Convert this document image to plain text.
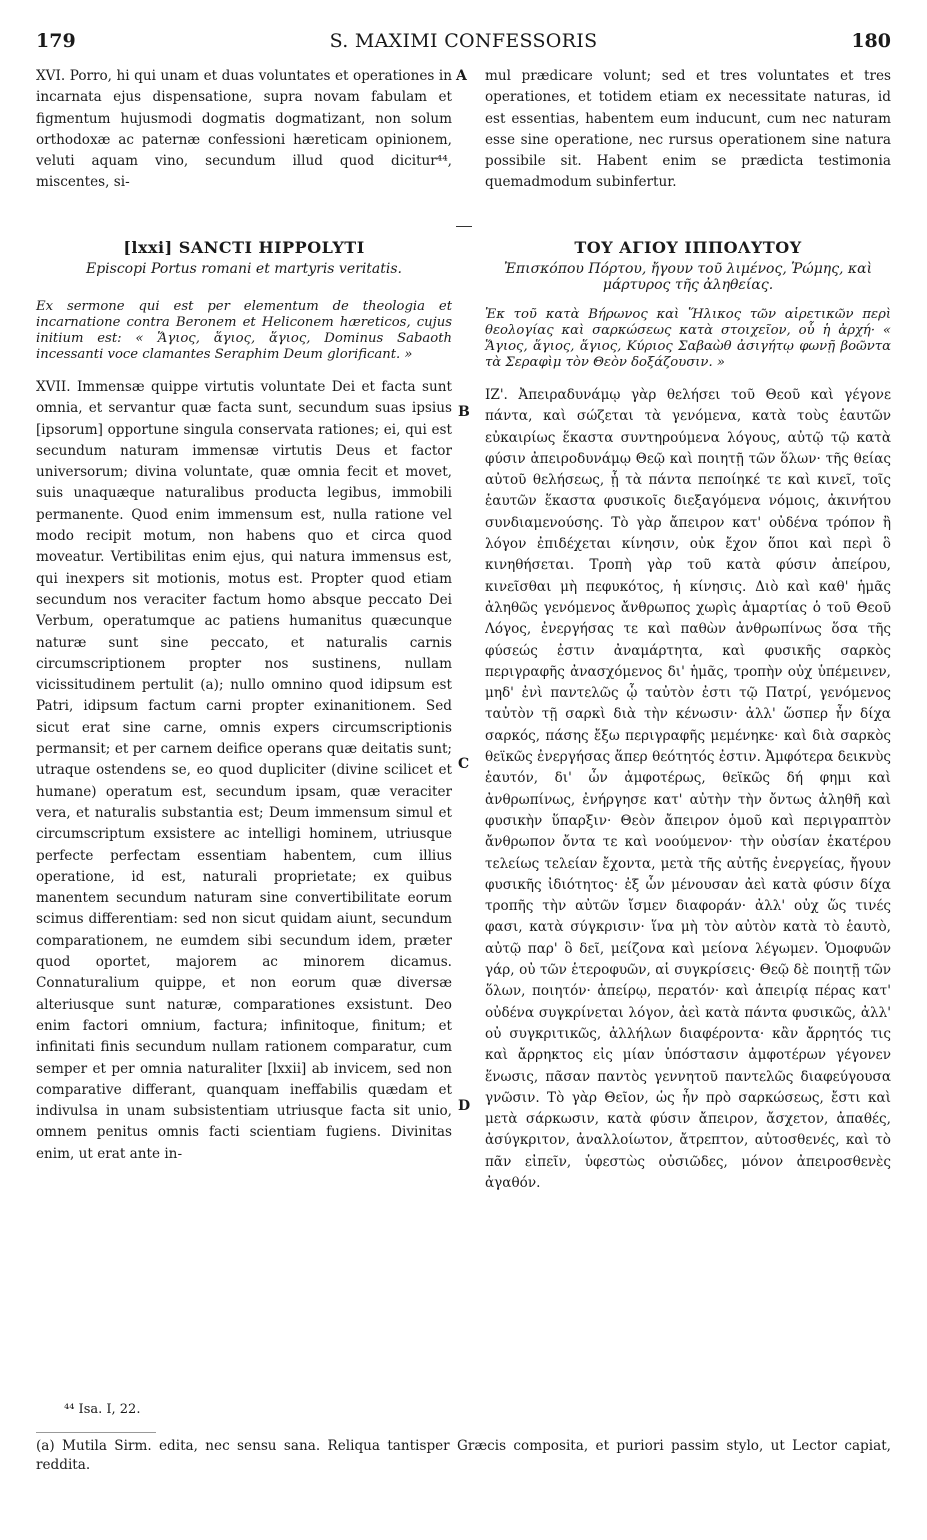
179	S. MAXIMI CONFESSORIS	180

XVI. Porro, hi qui unam et duas voluntates et operationes in incarnata ejus dispensatione, supra novam fabulam et figmentum hujusmodi dogmatis dogmatizant, non solum orthodoxæ ac paternæ confessioni hæreticam opinionem, veluti aquam vino, secundum illud quod dicitur⁴⁴, miscentes, si-

mul prædicare volunt; sed et tres voluntates et tres operationes, et totidem etiam ex necessitate naturas, id est essentias, habentem eum inducunt, cum nec naturam esse sine operatione, nec rursus operationem sine natura possibile sit. Habent enim se prædicta testimonia quemadmodum subinfertur.

A
B
C
D
[lxxi] SANCTI HIPPOLYTI

Episcopi Portus romani et martyris veritatis.

Ex sermone qui est per elementum de theologia et incarnatione contra Beronem et Heliconem hæreticos, cujus initium est: « Ἅγιος, ἅγιος, ἅγιος, Dominus Sabaoth incessanti voce clamantes Seraphim Deum glorificant. »

XVII. Immensæ quippe virtutis voluntate Dei et facta sunt omnia, et servantur quæ facta sunt, secundum suas ipsius [ipsorum] opportune singula conservata rationes; ei, qui est secundum naturam immensæ virtutis Deus et factor universorum; divina voluntate, quæ omnia fecit et movet, suis unaquæque naturalibus producta legibus, immobili permanente. Quod enim immensum est, nulla ratione vel modo recipit motum, non habens quo et circa quod moveatur. Vertibilitas enim ejus, qui natura immensus est, qui inexpers sit motionis, motus est. Propter quod etiam secundum nos veraciter factum homo absque peccato Dei Verbum, operatumque ac patiens humanitus quæcunque naturæ sunt sine peccato, et naturalis carnis circumscriptionem propter nos sustinens, nullam vicissitudinem pertulit (a); nullo omnino quod idipsum est Patri, idipsum factum carni propter exinanitionem. Sed sicut erat sine carne, omnis expers circumscriptionis permansit; et per carnem deifice operans quæ deitatis sunt; utraque ostendens se, eo quod dupliciter (divine scilicet et humane) operatum est, secundum ipsam, quæ veraciter vera, et naturalis substantia est; Deum immensum simul et circumscriptum exsistere ac intelligi hominem, utriusque perfecte perfectam essentiam habentem, cum illius operatione, id est, naturali proprietate; ex quibus manentem secundum naturam sine convertibilitate eorum scimus differentiam: sed non sicut quidam aiunt, secundum comparationem, ne eumdem sibi secundum idem, præter quod oportet, majorem ac minorem dicamus. Connaturalium quippe, et non eorum quæ diversæ alteriusque sunt naturæ, comparationes exsistunt. Deo enim factori omnium, factura; infinitoque, finitum; et infinitati finis secundum nullam rationem comparatur, cum semper et per omnia naturaliter [lxxii] ab invicem, sed non comparative differant, quanquam ineffabilis quædam et indivulsa in unam subsistentiam utriusque facta sit unio, omnem penitus omnis facti scientiam fugiens. Divinitas enim, ut erat ante in-

ΤΟΥ ΑΓΙΟΥ ΙΠΠΟΛΥΤΟΥ

Ἐπισκόπου Πόρτου, ἤγουν τοῦ λιμένος, Ῥώμης, καὶ μάρτυρος τῆς ἀληθείας.

Ἐκ τοῦ κατὰ Βήρωνος καὶ Ἥλικος τῶν αἱρετικῶν περὶ θεολογίας καὶ σαρκώσεως κατὰ στοιχεῖον, οὗ ἡ ἀρχή· « Ἅγιος, ἅγιος, ἅγιος, Κύριος Σαβαὼθ ἀσιγήτῳ φωνῇ βοῶντα τὰ Σεραφὶμ τὸν Θεὸν δοξάζουσιν. »

ΙΖ'. Ἀπειραδυνάμῳ γὰρ θελήσει τοῦ Θεοῦ καὶ γέγονε πάντα, καὶ σώζεται τὰ γενόμενα, κατὰ τοὺς ἑαυτῶν εὐκαιρίως ἕκαστα συντηρούμενα λόγους, αὐτῷ τῷ κατὰ φύσιν ἀπειροδυνάμῳ Θεῷ καὶ ποιητῇ τῶν ὅλων· τῆς θείας αὐτοῦ θελήσεως, ᾗ τὰ πάντα πεποίηκέ τε καὶ κινεῖ, τοῖς ἑαυτῶν ἕκαστα φυσικοῖς διεξαγόμενα νόμοις, ἀκινήτου συνδιαμενούσης. Τὸ γὰρ ἄπειρον κατ' οὐδένα τρόπον ἢ λόγον ἐπιδέχεται κίνησιν, οὐκ ἔχον ὅποι καὶ περὶ ὃ κινηθήσεται. Τροπὴ γὰρ τοῦ κατὰ φύσιν ἀπείρου, κινεῖσθαι μὴ πεφυκότος, ἡ κίνησις. Διὸ καὶ καθ' ἡμᾶς ἀληθῶς γενόμενος ἄνθρωπος χωρὶς ἁμαρτίας ὁ τοῦ Θεοῦ Λόγος, ἐνεργήσας τε καὶ παθὼν ἀνθρωπίνως ὅσα τῆς φύσεώς ἐστιν ἀναμάρτητα, καὶ φυσικῆς σαρκὸς περιγραφῆς ἀνασχόμενος δι' ἡμᾶς, τροπὴν οὐχ ὑπέμεινεν, μηδ' ἐνὶ παντελῶς ᾧ ταὐτὸν ἐστι τῷ Πατρί, γενόμενος ταὐτὸν τῇ σαρκὶ διὰ τὴν κένωσιν· ἀλλ' ὥσπερ ἦν δίχα σαρκός, πάσης ἔξω περιγραφῆς μεμένηκε· καὶ διὰ σαρκὸς θεϊκῶς ἐνεργήσας ἅπερ θεότητός ἐστιν. Ἀμφότερα δεικνὺς ἑαυτόν, δι' ὧν ἀμφοτέρως, θεϊκῶς δή φημι καὶ ἀνθρωπίνως, ἐνήργησε κατ' αὐτὴν τὴν ὄντως ἀληθῆ καὶ φυσικὴν ὕπαρξιν· Θεὸν ἄπειρον ὁμοῦ καὶ περιγραπτὸν ἄνθρωπον ὄντα τε καὶ νοούμενον· τὴν οὐσίαν ἑκατέρου τελείως τελείαν ἔχοντα, μετὰ τῆς αὐτῆς ἐνεργείας, ἤγουν φυσικῆς ἰδιότητος· ἐξ ὧν μένουσαν ἀεὶ κατὰ φύσιν δίχα τροπῆς τὴν αὐτῶν ἴσμεν διαφοράν· ἀλλ' οὐχ ὥς τινές φασι, κατὰ σύγκρισιν· ἵνα μὴ τὸν αὐτὸν κατὰ τὸ ἑαυτὸ, αὐτῷ παρ' ὃ δεῖ, μείζονα καὶ μείονα λέγωμεν. Ὁμοφυῶν γάρ, οὐ τῶν ἑτεροφυῶν, αἱ συγκρίσεις· Θεῷ δὲ ποιητῇ τῶν ὅλων, ποιητόν· ἀπείρῳ, περατόν· καὶ ἀπειρίᾳ πέρας κατ' οὐδένα συγκρίνεται λόγον, ἀεὶ κατὰ πάντα φυσικῶς, ἀλλ' οὐ συγκριτικῶς, ἀλλήλων διαφέροντα· κἂν ἄρρητός τις καὶ ἄρρηκτος εἰς μίαν ὑπόστασιν ἀμφοτέρων γέγονεν ἕνωσις, πᾶσαν παντὸς γεννητοῦ παντελῶς διαφεύγουσα γνῶσιν. Τὸ γὰρ Θεῖον, ὡς ἦν πρὸ σαρκώσεως, ἔστι καὶ μετὰ σάρκωσιν, κατὰ φύσιν ἄπειρον, ἄσχετον, ἀπαθές, ἀσύγκριτον, ἀναλλοίωτον, ἄτρεπτον, αὐτοσθενές, καὶ τὸ πᾶν εἰπεῖν, ὑφεστὼς οὐσιῶδες, μόνον ἀπειροσθενὲς ἀγαθόν.

⁴⁴ Isa. I, 22.
(a) Mutila Sirm. edita, nec sensu sana. Reliqua tantisper Græcis composita, et puriori passim stylo, ut Lector capiat, reddita.
